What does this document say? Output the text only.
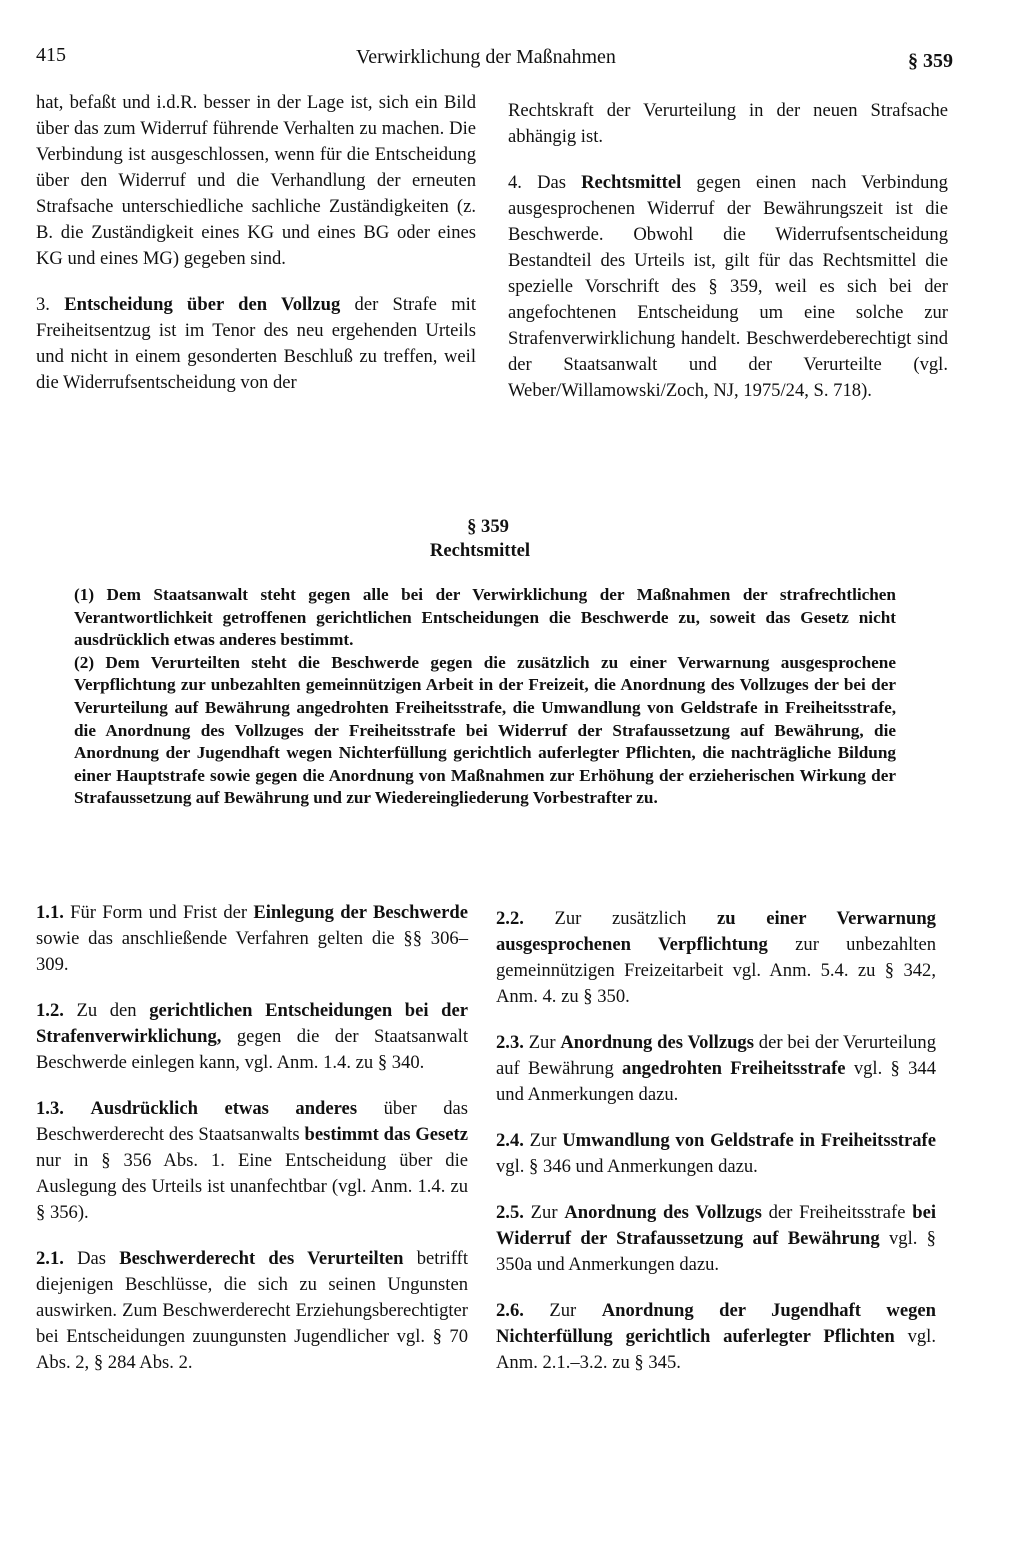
415	Verwirklichung der Maßnahmen	§ 359

hat, befaßt und i.d.R. besser in der Lage ist, sich ein Bild über das zum Widerruf führende Verhalten zu machen. Die Verbindung ist ausgeschlossen, wenn für die Entscheidung über den Widerruf und die Verhandlung der erneuten Strafsache unterschiedliche sachliche Zuständigkeiten (z. B. die Zuständigkeit eines KG und eines BG oder eines KG und eines MG) gegeben sind.

3. Entscheidung über den Vollzug der Strafe mit Freiheitsentzug ist im Tenor des neu ergehenden Urteils und nicht in einem gesonderten Beschluß zu treffen, weil die Widerrufsentscheidung von der

Rechtskraft der Verurteilung in der neuen Strafsache abhängig ist.

4. Das Rechtsmittel gegen einen nach Verbindung ausgesprochenen Widerruf der Bewährungszeit ist die Beschwerde. Obwohl die Widerrufsentscheidung Bestandteil des Urteils ist, gilt für das Rechtsmittel die spezielle Vorschrift des § 359, weil es sich bei der angefochtenen Entscheidung um eine solche zur Strafenverwirklichung handelt. Beschwerdeberechtigt sind der Staatsanwalt und der Verurteilte (vgl. Weber/Willamowski/Zoch, NJ, 1975/24, S. 718).

§ 359
Rechtsmittel

(1) Dem Staatsanwalt steht gegen alle bei der Verwirklichung der Maßnahmen der strafrechtlichen Verantwortlichkeit getroffenen gerichtlichen Entscheidungen die Beschwerde zu, soweit das Gesetz nicht ausdrücklich etwas anderes bestimmt.

(2) Dem Verurteilten steht die Beschwerde gegen die zusätzlich zu einer Verwarnung ausgesprochene Verpflichtung zur unbezahlten gemeinnützigen Arbeit in der Freizeit, die Anordnung des Vollzuges der bei der Verurteilung auf Bewährung angedrohten Freiheitsstrafe, die Umwandlung von Geldstrafe in Freiheitsstrafe, die Anordnung des Vollzuges der Freiheitsstrafe bei Widerruf der Strafaussetzung auf Bewährung, die Anordnung der Jugendhaft wegen Nichterfüllung gerichtlich auferlegter Pflichten, die nachträgliche Bildung einer Hauptstrafe sowie gegen die Anordnung von Maßnahmen zur Erhöhung der erzieherischen Wirkung der Strafaussetzung auf Bewährung und zur Wiedereingliederung Vorbestrafter zu.

1.1. Für Form und Frist der Einlegung der Beschwerde sowie das anschließende Verfahren gelten die §§ 306–309.

1.2. Zu den gerichtlichen Entscheidungen bei der Strafenverwirklichung, gegen die der Staatsanwalt Beschwerde einlegen kann, vgl. Anm. 1.4. zu § 340.

1.3. Ausdrücklich etwas anderes über das Beschwerderecht des Staatsanwalts bestimmt das Gesetz nur in § 356 Abs. 1. Eine Entscheidung über die Auslegung des Urteils ist unanfechtbar (vgl. Anm. 1.4. zu § 356).

2.1. Das Beschwerderecht des Verurteilten betrifft diejenigen Beschlüsse, die sich zu seinen Ungunsten auswirken. Zum Beschwerderecht Erziehungsberechtigter bei Entscheidungen zuungunsten Jugendlicher vgl. § 70 Abs. 2, § 284 Abs. 2.

2.2. Zur zusätzlich zu einer Verwarnung ausgesprochenen Verpflichtung zur unbezahlten gemeinnützigen Freizeitarbeit vgl. Anm. 5.4. zu § 342, Anm. 4. zu § 350.

2.3. Zur Anordnung des Vollzugs der bei der Verurteilung auf Bewährung angedrohten Freiheitsstrafe vgl. § 344 und Anmerkungen dazu.

2.4. Zur Umwandlung von Geldstrafe in Freiheitsstrafe vgl. § 346 und Anmerkungen dazu.

2.5. Zur Anordnung des Vollzugs der Freiheitsstrafe bei Widerruf der Strafaussetzung auf Bewährung vgl. § 350a und Anmerkungen dazu.

2.6. Zur Anordnung der Jugendhaft wegen Nichterfüllung gerichtlich auferlegter Pflichten vgl. Anm. 2.1.–3.2. zu § 345.
